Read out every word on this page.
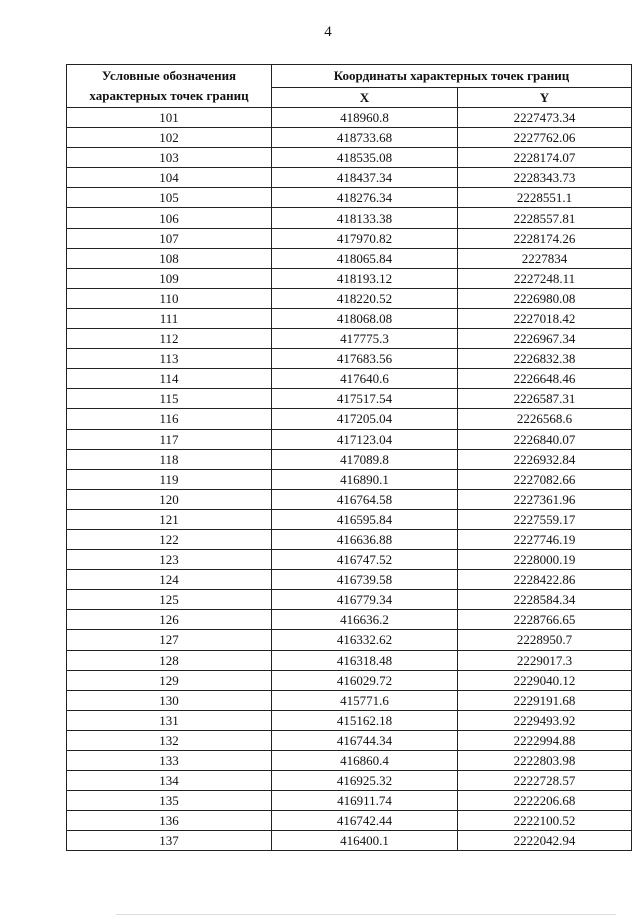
4
Условные обозначения характерных точек границ	Координаты характерных точек границ	
	X	Y
101	418960.8	2227473.34
102	418733.68	2227762.06
103	418535.08	2228174.07
104	418437.34	2228343.73
105	418276.34	2228551.1
106	418133.38	2228557.81
107	417970.82	2228174.26
108	418065.84	2227834
109	418193.12	2227248.11
110	418220.52	2226980.08
111	418068.08	2227018.42
112	417775.3	2226967.34
113	417683.56	2226832.38
114	417640.6	2226648.46
115	417517.54	2226587.31
116	417205.04	2226568.6
117	417123.04	2226840.07
118	417089.8	2226932.84
119	416890.1	2227082.66
120	416764.58	2227361.96
121	416595.84	2227559.17
122	416636.88	2227746.19
123	416747.52	2228000.19
124	416739.58	2228422.86
125	416779.34	2228584.34
126	416636.2	2228766.65
127	416332.62	2228950.7
128	416318.48	2229017.3
129	416029.72	2229040.12
130	415771.6	2229191.68
131	415162.18	2229493.92
132	416744.34	2222994.88
133	416860.4	2222803.98
134	416925.32	2222728.57
135	416911.74	2222206.68
136	416742.44	2222100.52
137	416400.1	2222042.94
